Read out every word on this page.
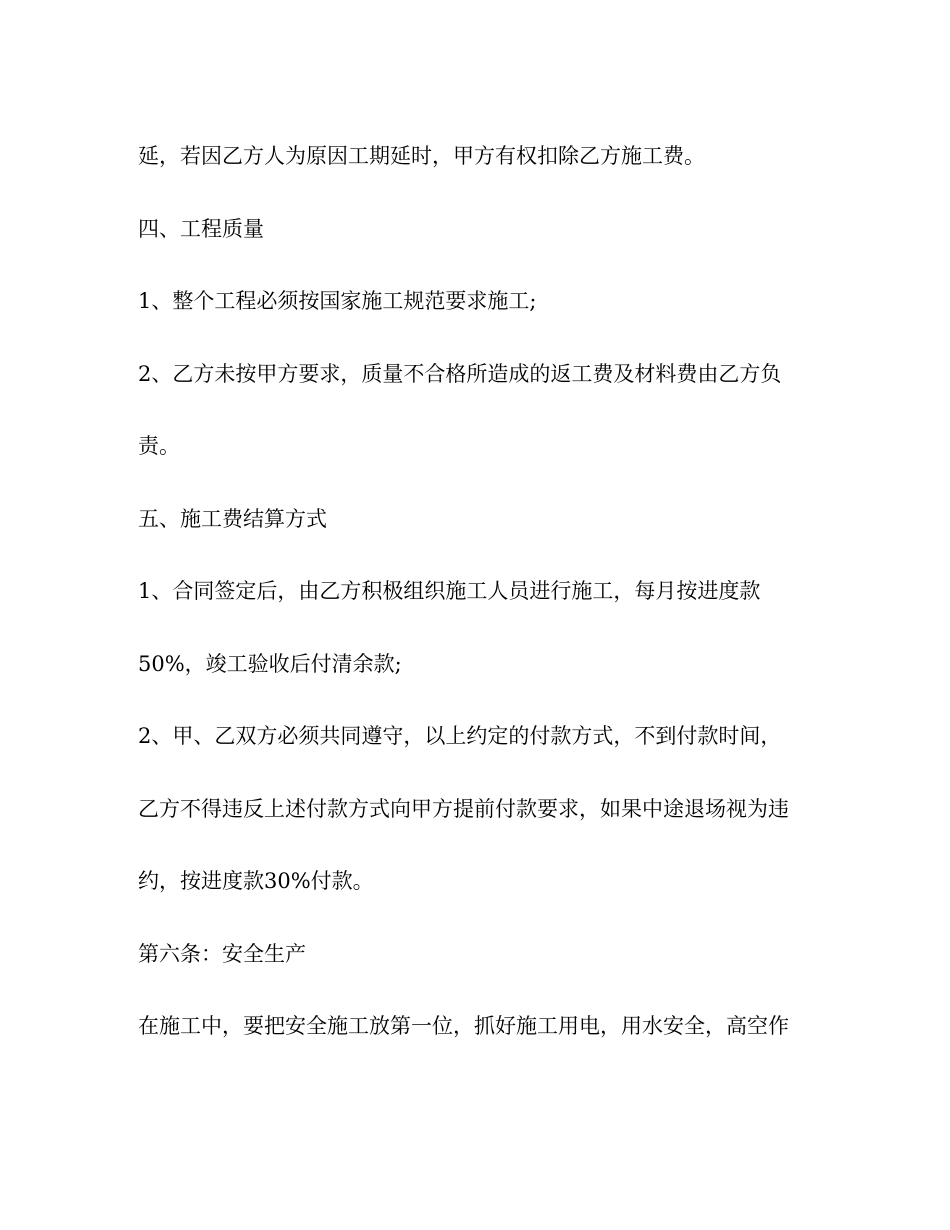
延，若因乙方人为原因工期延时，甲方有权扣除乙方施工费。
四、工程质量
1、整个工程必须按国家施工规范要求施工;
2、乙方未按甲方要求，质量不合格所造成的返工费及材料费由乙方负
责。
五、施工费结算方式
1、合同签定后，由乙方积极组织施工人员进行施工，每月按进度款
50%，竣工验收后付清余款;
2、甲、乙双方必须共同遵守，以上约定的付款方式，不到付款时间，
乙方不得违反上述付款方式向甲方提前付款要求，如果中途退场视为违
约，按进度款30%付款。
第六条：安全生产
在施工中，要把安全施工放第一位，抓好施工用电，用水安全，高空作
